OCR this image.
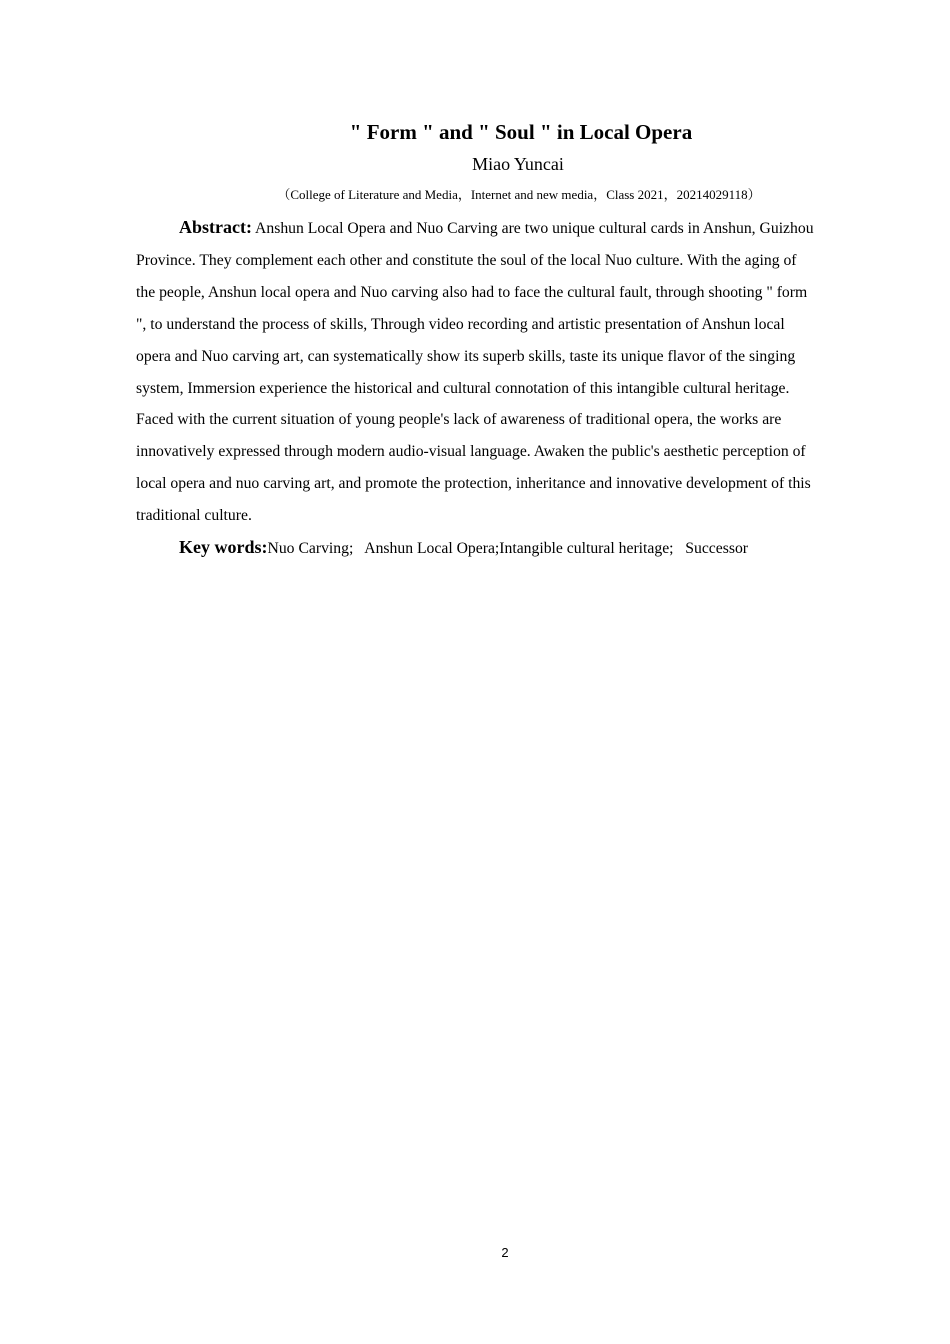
" Form " and " Soul " in Local Opera
Miao Yuncai
（College of Literature and Media，Internet and new media，Class 2021，20214029118）

Abstract: Anshun Local Opera and Nuo Carving are two unique cultural cards in Anshun, Guizhou Province. They complement each other and constitute the soul of the local Nuo culture. With the aging of the people, Anshun local opera and Nuo carving also had to face the cultural fault, through shooting " form ", to understand the process of skills, Through video recording and artistic presentation of Anshun local opera and Nuo carving art, can systematically show its superb skills, taste its unique flavor of the singing system, Immersion experience the historical and cultural connotation of this intangible cultural heritage. Faced with the current situation of young people's lack of awareness of traditional opera, the works are innovatively expressed through modern audio-visual language. Awaken the public's aesthetic perception of local opera and nuo carving art, and promote the protection, inheritance and innovative development of this traditional culture.

Key words:Nuo Carving;   Anshun Local Opera;Intangible cultural heritage;   Successor

2
